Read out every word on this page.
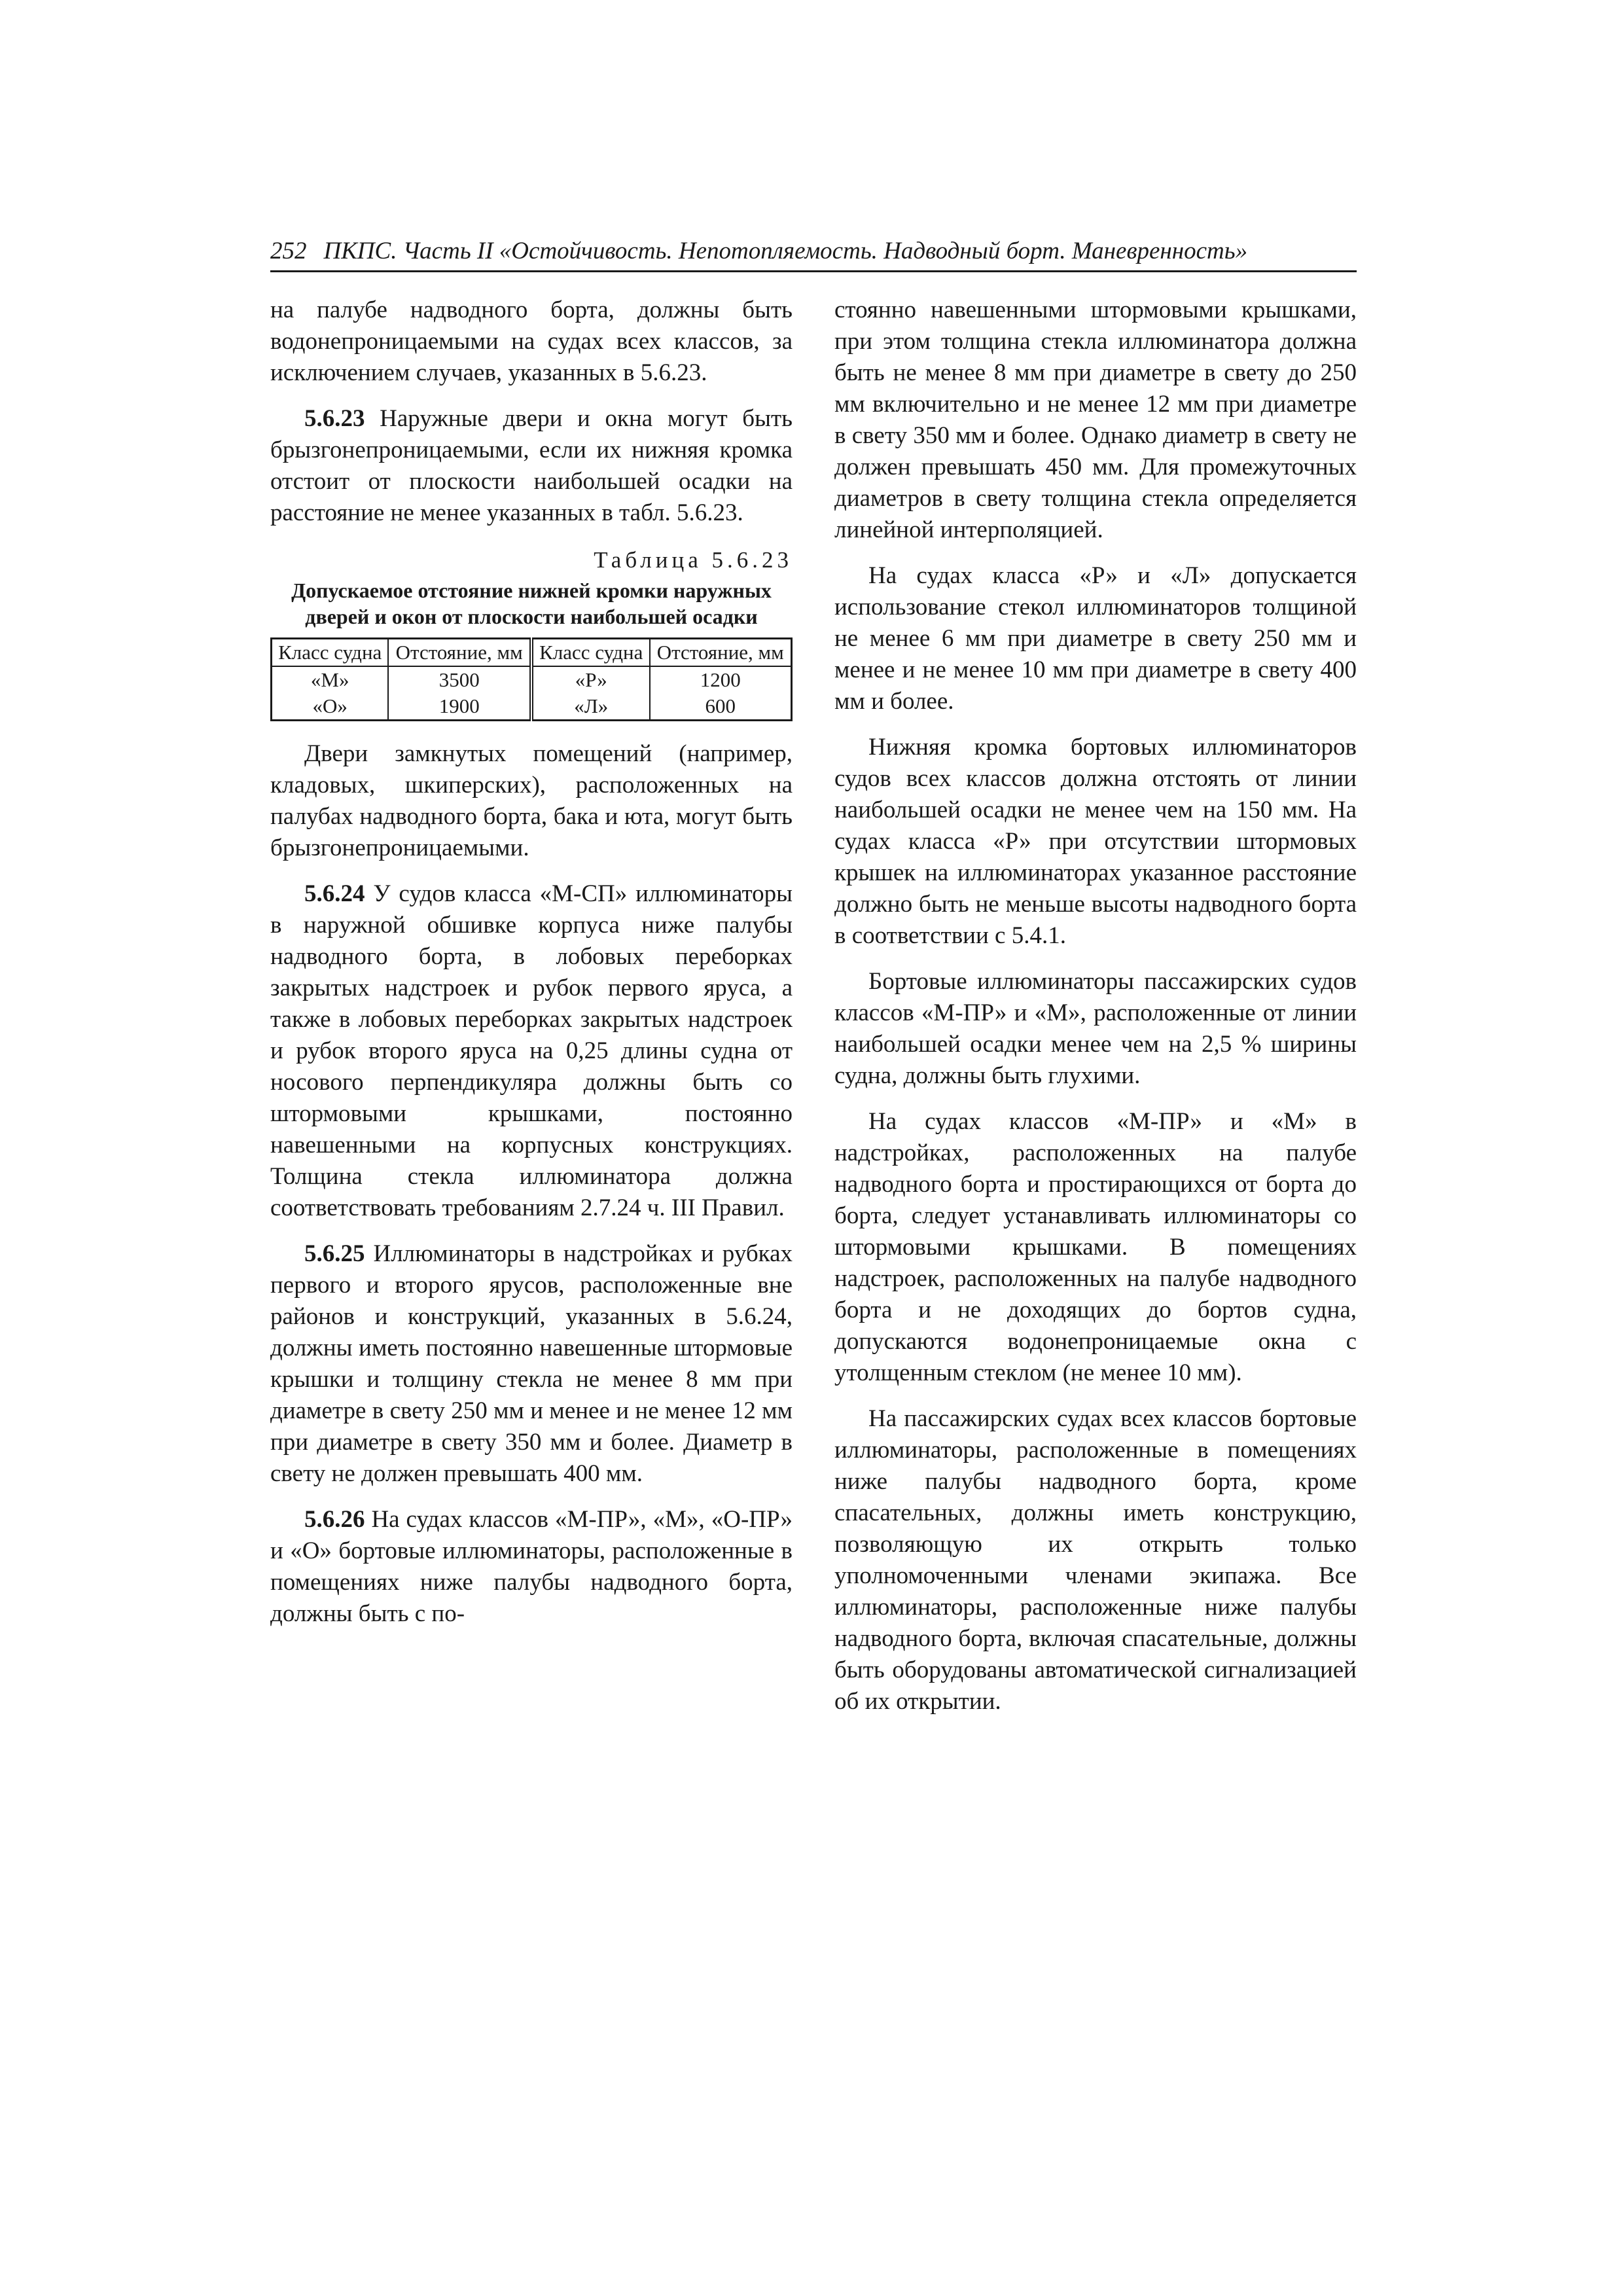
252 ПКПС. Часть II «Остойчивость. Непотопляемость. Надводный борт. Маневренность»

на палубе надводного борта, должны быть водонепроницаемыми на судах всех классов, за исключением случаев, указанных в 5.6.23.

5.6.23 Наружные двери и окна могут быть брызгонепроницаемыми, если их нижняя кромка отстоит от плоскости наибольшей осадки на расстояние не менее указанных в табл. 5.6.23.

Таблица 5.6.23
Допускаемое отстояние нижней кромки наружных дверей и окон от плоскости наибольшей осадки
Класс судна	Отстояние, мм	Класс судна	Отстояние, мм
«М»	3500	«Р»	1200
«О»	1900	«Л»	600

Двери замкнутых помещений (например, кладовых, шкиперских), расположенных на палубах надводного борта, бака и юта, могут быть брызгонепроницаемыми.

5.6.24 У судов класса «М-СП» иллюминаторы в наружной обшивке корпуса ниже палубы надводного борта, в лобовых переборках закрытых надстроек и рубок первого яруса, а также в лобовых переборках закрытых надстроек и рубок второго яруса на 0,25 длины судна от носового перпендикуляра должны быть со штормовыми крышками, постоянно навешенными на корпусных конструкциях. Толщина стекла иллюминатора должна соответствовать требованиям 2.7.24 ч. III Правил.

5.6.25 Иллюминаторы в надстройках и рубках первого и второго ярусов, расположенные вне районов и конструкций, указанных в 5.6.24, должны иметь постоянно навешенные штормовые крышки и толщину стекла не менее 8 мм при диаметре в свету 250 мм и менее и не менее 12 мм при диаметре в свету 350 мм и более. Диаметр в свету не должен превышать 400 мм.

5.6.26 На судах классов «М-ПР», «М», «О-ПР» и «О» бортовые иллюминаторы, расположенные в помещениях ниже палубы надводного борта, должны быть с по-

стоянно навешенными штормовыми крышками, при этом толщина стекла иллюминатора должна быть не менее 8 мм при диаметре в свету до 250 мм включительно и не менее 12 мм при диаметре в свету 350 мм и более. Однако диаметр в свету не должен превышать 450 мм. Для промежуточных диаметров в свету толщина стекла определяется линейной интерполяцией.

На судах класса «Р» и «Л» допускается использование стекол иллюминаторов толщиной не менее 6 мм при диаметре в свету 250 мм и менее и не менее 10 мм при диаметре в свету 400 мм и более.

Нижняя кромка бортовых иллюминаторов судов всех классов должна отстоять от линии наибольшей осадки не менее чем на 150 мм. На судах класса «Р» при отсутствии штормовых крышек на иллюминаторах указанное расстояние должно быть не меньше высоты надводного борта в соответствии с 5.4.1.

Бортовые иллюминаторы пассажирских судов классов «М-ПР» и «М», расположенные от линии наибольшей осадки менее чем на 2,5 % ширины судна, должны быть глухими.

На судах классов «М-ПР» и «М» в надстройках, расположенных на палубе надводного борта и простирающихся от борта до борта, следует устанавливать иллюминаторы со штормовыми крышками. В помещениях надстроек, расположенных на палубе надводного борта и не доходящих до бортов судна, допускаются водонепроницаемые окна с утолщенным стеклом (не менее 10 мм).

На пассажирских судах всех классов бортовые иллюминаторы, расположенные в помещениях ниже палубы надводного борта, кроме спасательных, должны иметь конструкцию, позволяющую их открыть только уполномоченными членами экипажа. Все иллюминаторы, расположенные ниже палубы надводного борта, включая спасательные, должны быть оборудованы автоматической сигнализацией об их открытии.
